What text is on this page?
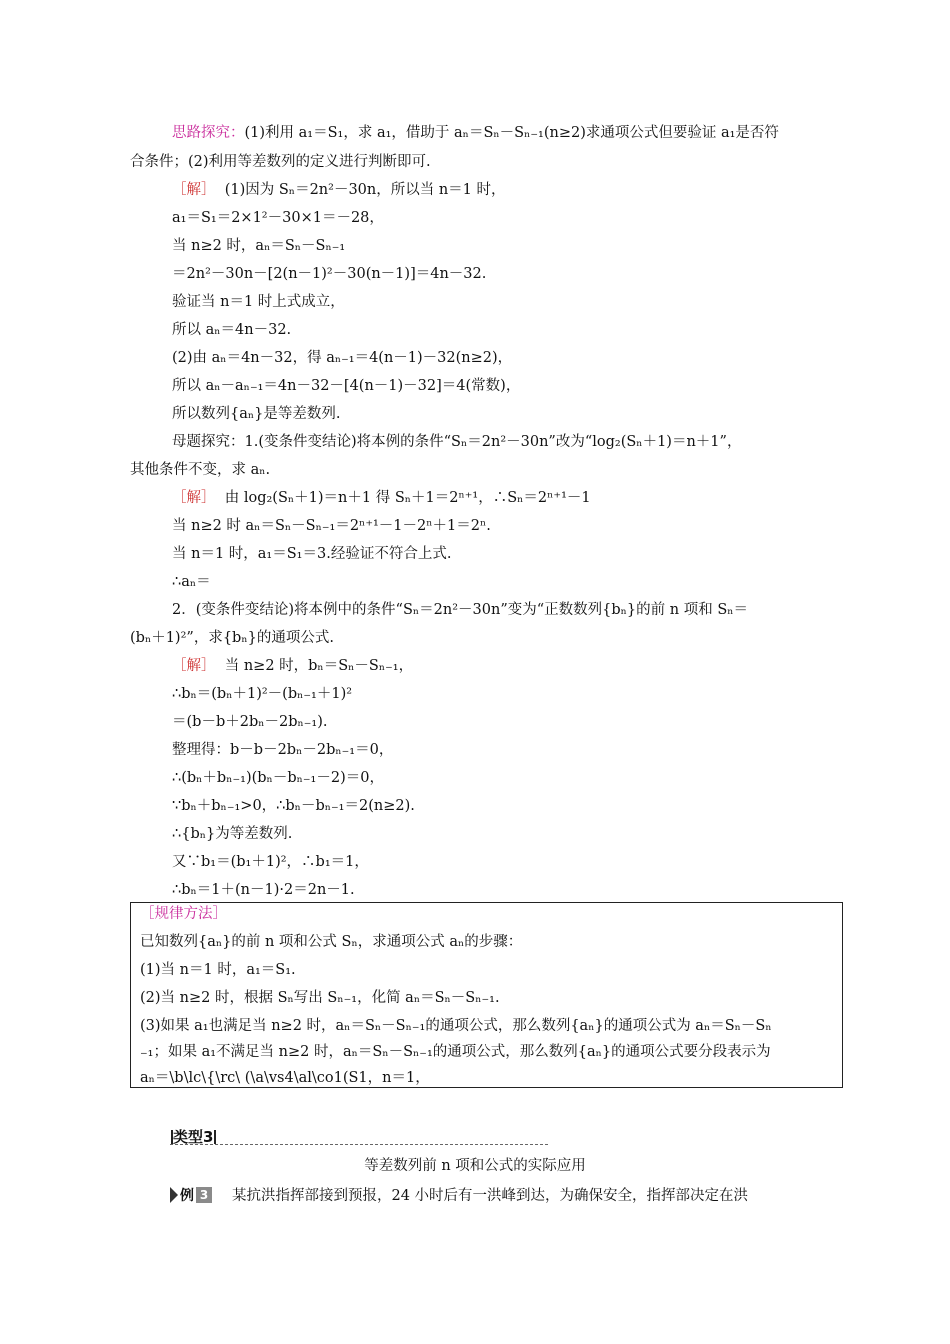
思路探究：(1)利用 a₁＝S₁，求 a₁，借助于 aₙ＝Sₙ－Sₙ₋₁(n≥2)求通项公式但要验证 a₁是否符
合条件；(2)利用等差数列的定义进行判断即可.
［解］ (1)因为 Sₙ＝2n²－30n，所以当 n＝1 时，
a₁＝S₁＝2×1²－30×1＝－28，
当 n≥2 时，aₙ＝Sₙ－Sₙ₋₁
＝2n²－30n－[2(n－1)²－30(n－1)]＝4n－32.
验证当 n＝1 时上式成立，
所以 aₙ＝4n－32.
(2)由 aₙ＝4n－32，得 aₙ₋₁＝4(n－1)－32(n≥2)，
所以 aₙ－aₙ₋₁＝4n－32－[4(n－1)－32]＝4(常数)，
所以数列{aₙ}是等差数列.
母题探究：1.(变条件变结论)将本例的条件“Sₙ＝2n²－30n”改为“log₂(Sₙ＋1)＝n＋1”，
其他条件不变，求 aₙ.
［解］ 由 log₂(Sₙ＋1)＝n＋1 得 Sₙ＋1＝2ⁿ⁺¹，∴Sₙ＝2ⁿ⁺¹－1
当 n≥2 时 aₙ＝Sₙ－Sₙ₋₁＝2ⁿ⁺¹－1－2ⁿ＋1＝2ⁿ.
当 n＝1 时，a₁＝S₁＝3.经验证不符合上式.
∴aₙ＝
2．(变条件变结论)将本例中的条件“Sₙ＝2n²－30n”变为“正数数列{bₙ}的前 n 项和 Sₙ＝
(bₙ＋1)²”，求{bₙ}的通项公式.
［解］ 当 n≥2 时，bₙ＝Sₙ－Sₙ₋₁，
∴bₙ＝(bₙ＋1)²－(bₙ₋₁＋1)²
＝(b－b＋2bₙ－2bₙ₋₁).
整理得：b－b－2bₙ－2bₙ₋₁＝0，
∴(bₙ＋bₙ₋₁)(bₙ－bₙ₋₁－2)＝0，
∵bₙ＋bₙ₋₁>0，∴bₙ－bₙ₋₁＝2(n≥2).
∴{bₙ}为等差数列.
又∵b₁＝(b₁＋1)²，∴b₁＝1，
∴bₙ＝1＋(n－1)·2＝2n－1.
［规律方法］
已知数列{aₙ}的前 n 项和公式 Sₙ，求通项公式 aₙ的步骤：
(1)当 n＝1 时，a₁＝S₁.
(2)当 n≥2 时，根据 Sₙ写出 Sₙ₋₁，化简 aₙ＝Sₙ－Sₙ₋₁.
(3)如果 a₁也满足当 n≥2 时，aₙ＝Sₙ－Sₙ₋₁的通项公式，那么数列{aₙ}的通项公式为 aₙ＝Sₙ－Sₙ
₋₁；如果 a₁不满足当 n≥2 时，aₙ＝Sₙ－Sₙ₋₁的通项公式，那么数列{aₙ}的通项公式要分段表示为
aₙ＝\b\lc\{\rc\ (\a\vs4\al\co1(S1，n＝1，
类型3
等差数列前 n 项和公式的实际应用
例 3 某抗洪指挥部接到预报，24 小时后有一洪峰到达，为确保安全，指挥部决定在洪
